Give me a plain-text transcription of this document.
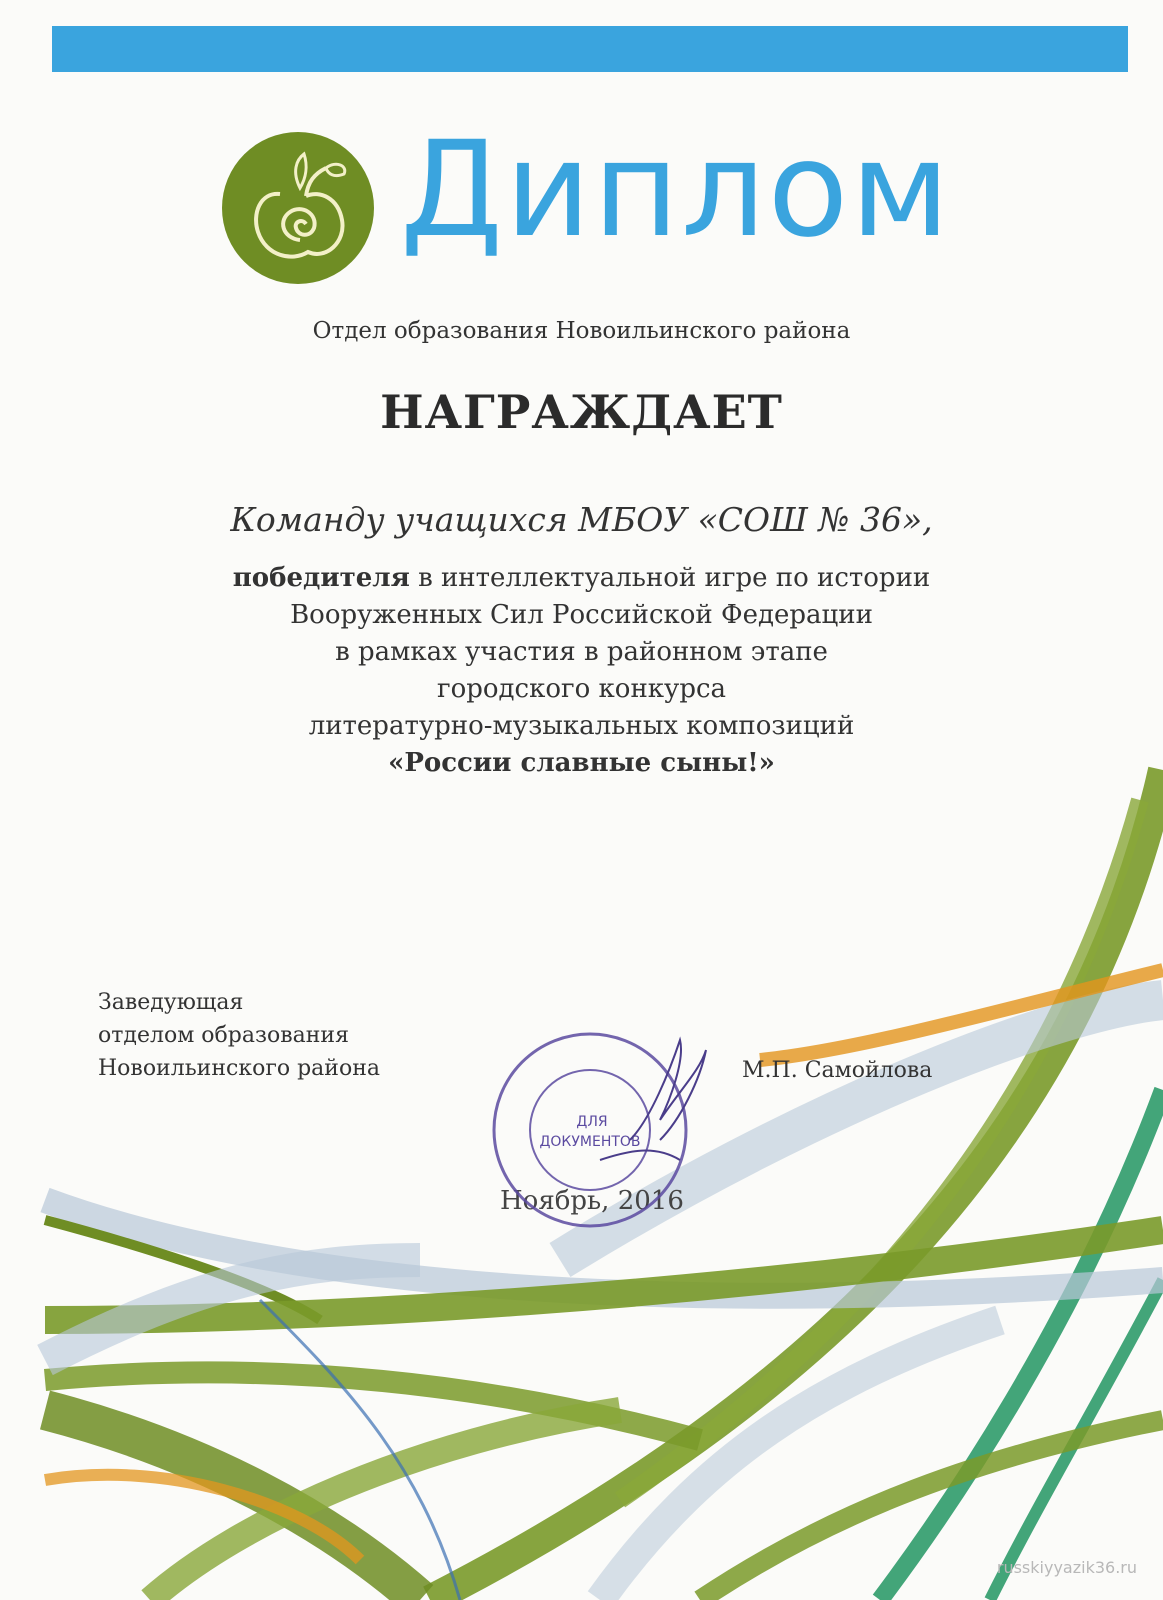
Диплом
Отдел образования Новоильинского района
НАГРАЖДАЕТ
Команду учащихся МБОУ «СОШ № 36»,
победителя в интеллектуальной игре по истории
Вооруженных Сил Российской Федерации
в рамках участия в районном этапе
городского конкурса
литературно-музыкальных композиций
«России славные сыны!»
Заведующая
отделом образования
Новоильинского района	М.П. Самойлова
Ноябрь, 2016
ДЛЯ
ДОКУМЕНТОВ
russkiyyazik36.ru
